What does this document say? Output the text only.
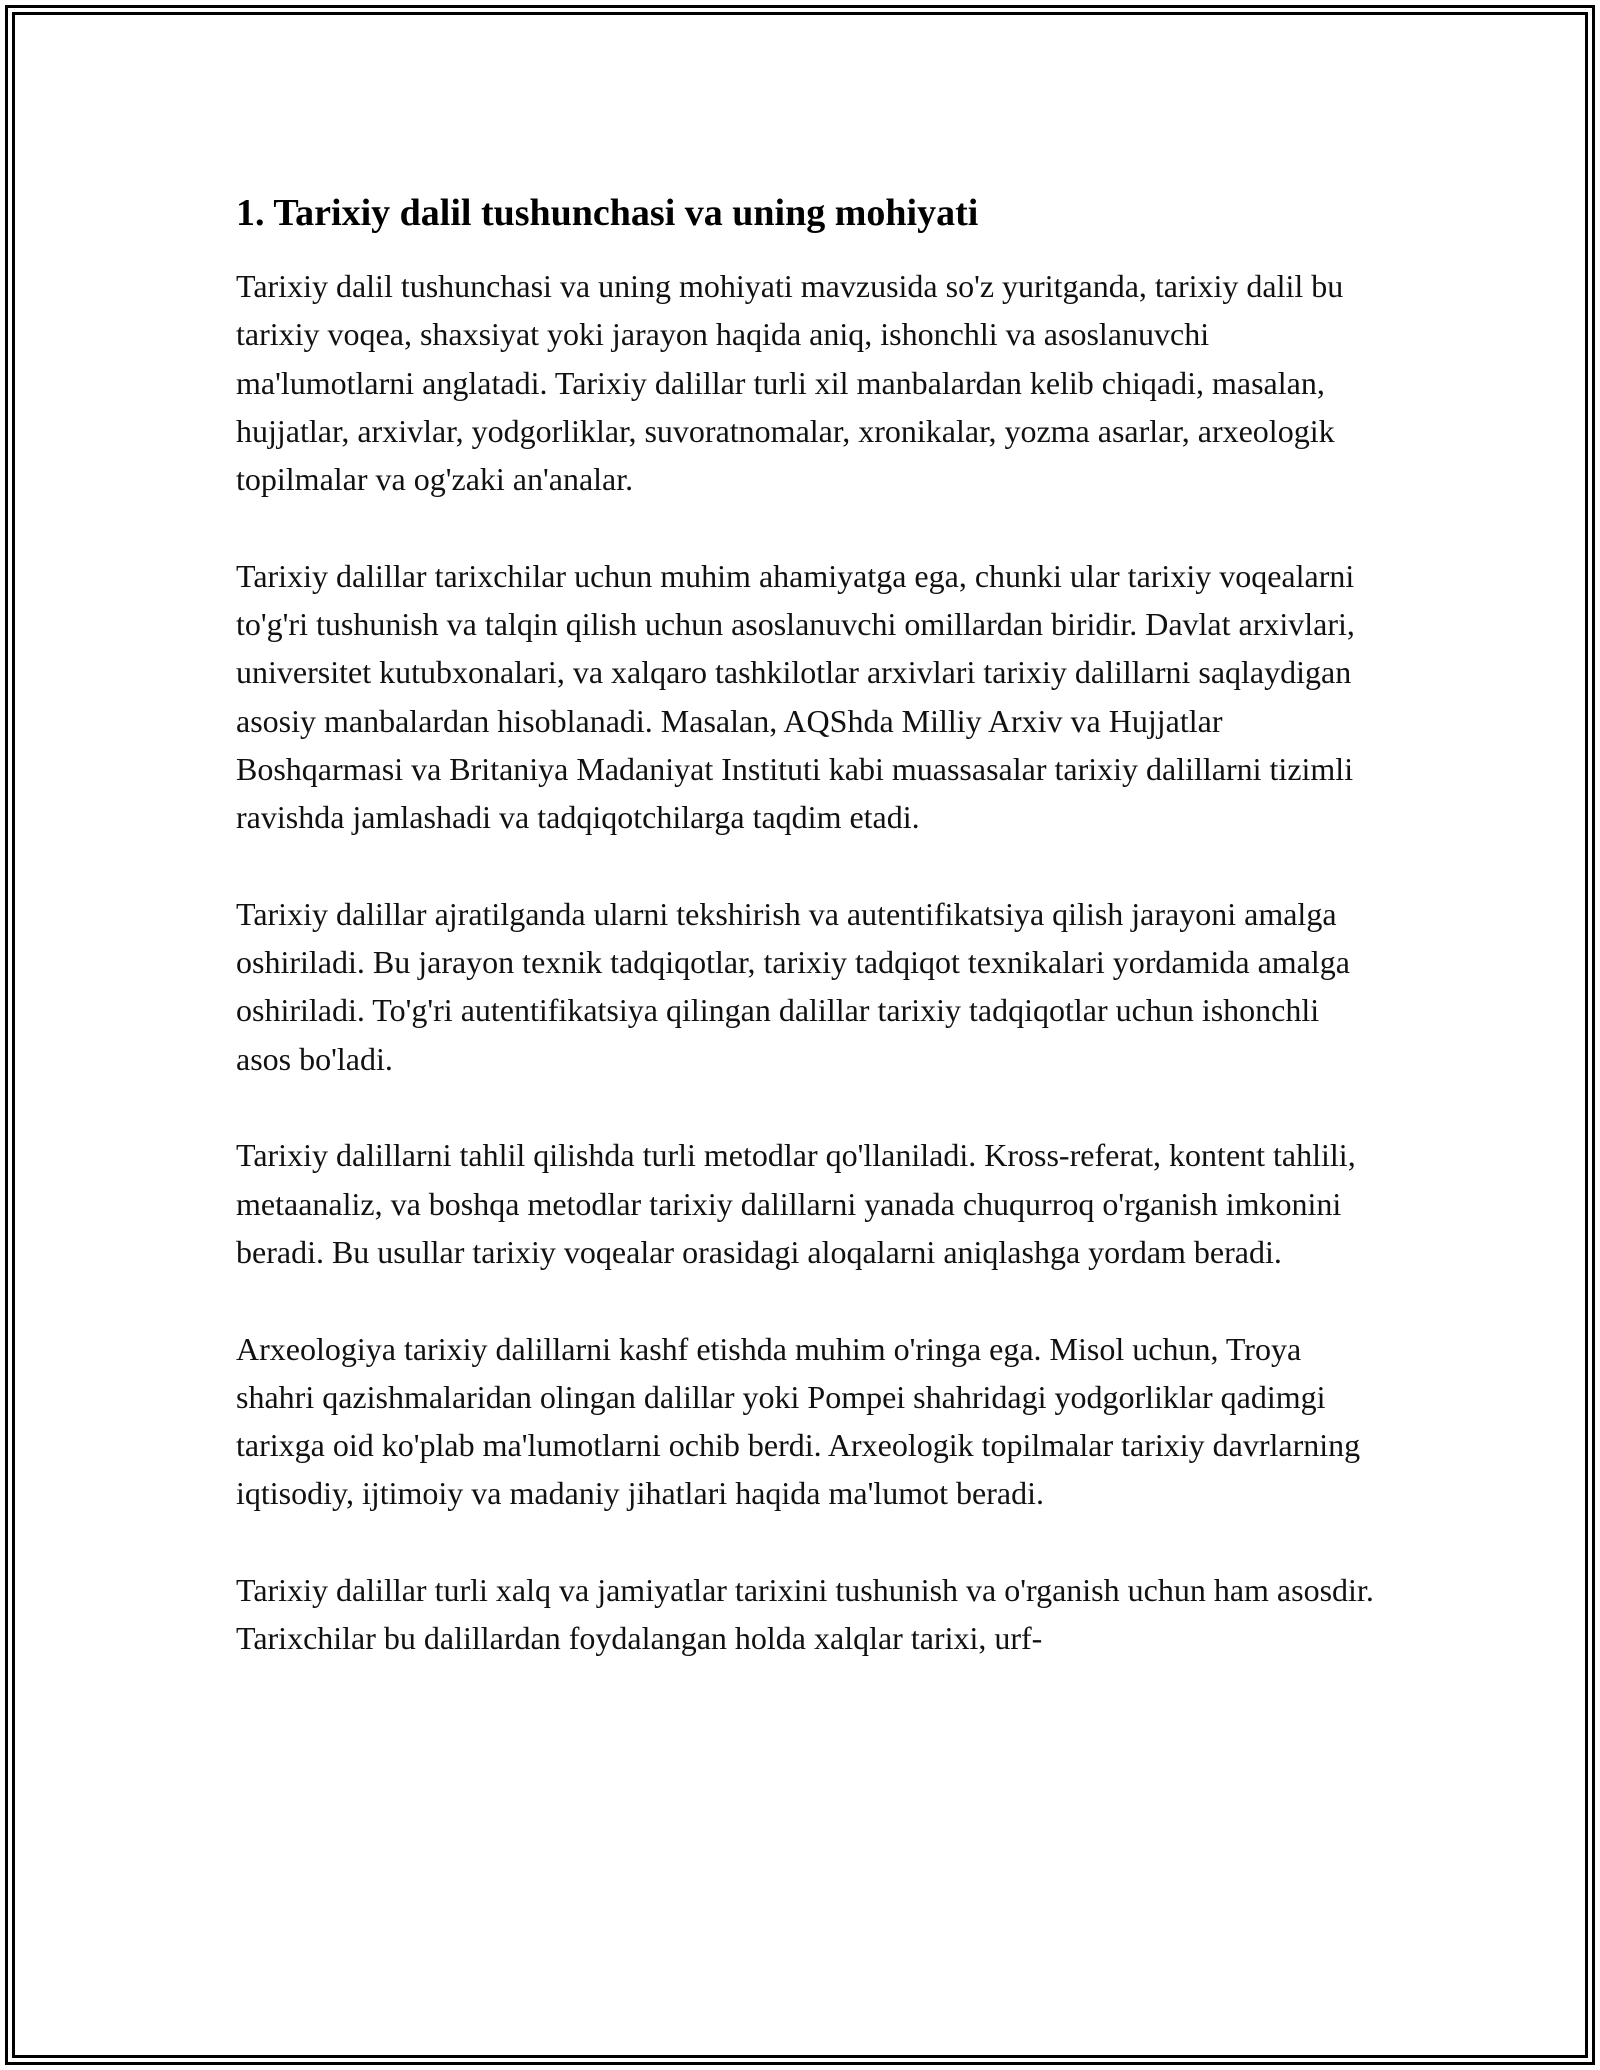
1. Tarixiy dalil tushunchasi va uning mohiyati

Tarixiy dalil tushunchasi va uning mohiyati mavzusida so'z yuritganda, tarixiy dalil bu tarixiy voqea, shaxsiyat yoki jarayon haqida aniq, ishonchli va asoslanuvchi ma'lumotlarni anglatadi. Tarixiy dalillar turli xil manbalardan kelib chiqadi, masalan, hujjatlar, arxivlar, yodgorliklar, suvoratnomalar, xronikalar, yozma asarlar, arxeologik topilmalar va og'zaki an'analar.

Tarixiy dalillar tarixchilar uchun muhim ahamiyatga ega, chunki ular tarixiy voqealarni to'g'ri tushunish va talqin qilish uchun asoslanuvchi omillardan biridir. Davlat arxivlari, universitet kutubxonalari, va xalqaro tashkilotlar arxivlari tarixiy dalillarni saqlaydigan asosiy manbalardan hisoblanadi. Masalan, AQShda Milliy Arxiv va Hujjatlar Boshqarmasi va Britaniya Madaniyat Instituti kabi muassasalar tarixiy dalillarni tizimli ravishda jamlashadi va tadqiqotchilarga taqdim etadi.

Tarixiy dalillar ajratilganda ularni tekshirish va autentifikatsiya qilish jarayoni amalga oshiriladi. Bu jarayon texnik tadqiqotlar, tarixiy tadqiqot texnikalari yordamida amalga oshiriladi. To'g'ri autentifikatsiya qilingan dalillar tarixiy tadqiqotlar uchun ishonchli asos bo'ladi.

Tarixiy dalillarni tahlil qilishda turli metodlar qo'llaniladi. Kross-referat, kontent tahlili, metaanaliz, va boshqa metodlar tarixiy dalillarni yanada chuqurroq o'rganish imkonini beradi. Bu usullar tarixiy voqealar orasidagi aloqalarni aniqlashga yordam beradi.

Arxeologiya tarixiy dalillarni kashf etishda muhim o'ringa ega. Misol uchun, Troya shahri qazishmalaridan olingan dalillar yoki Pompei shahridagi yodgorliklar qadimgi tarixga oid ko'plab ma'lumotlarni ochib berdi. Arxeologik topilmalar tarixiy davrlarning iqtisodiy, ijtimoiy va madaniy jihatlari haqida ma'lumot beradi.

Tarixiy dalillar turli xalq va jamiyatlar tarixini tushunish va o'rganish uchun ham asosdir. Tarixchilar bu dalillardan foydalangan holda xalqlar tarixi, urf-
